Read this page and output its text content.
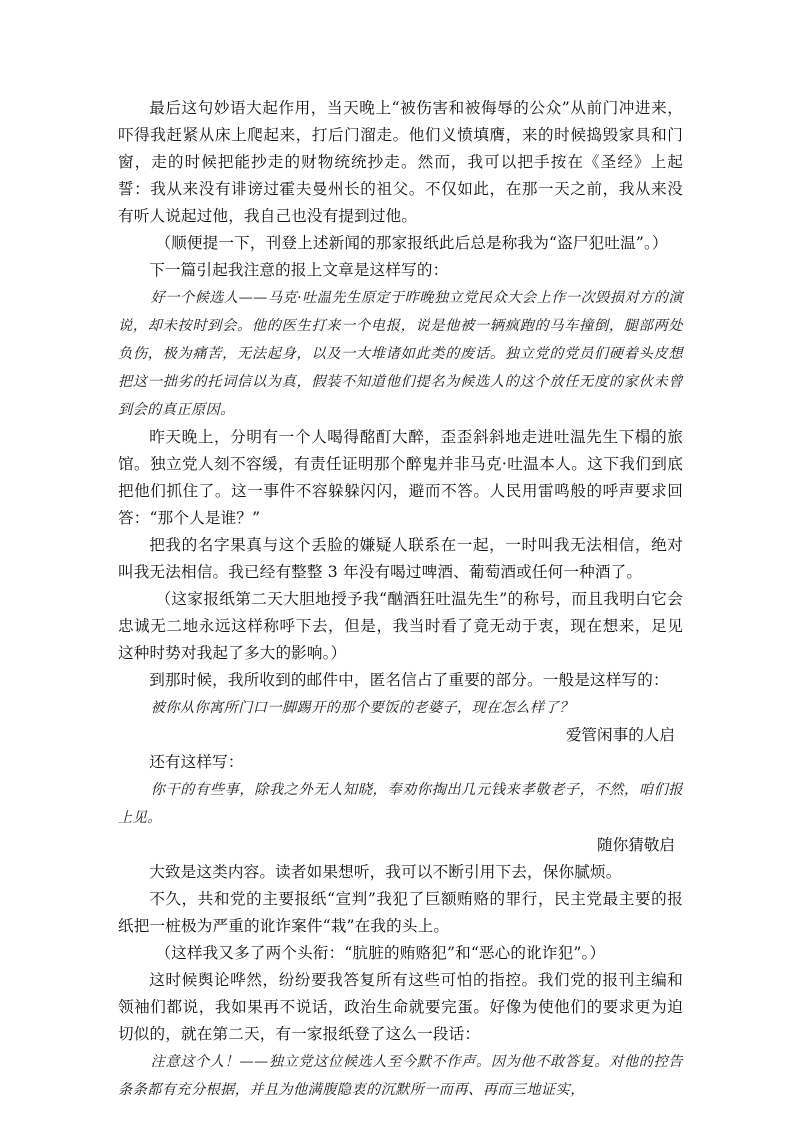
最后这句妙语大起作用，当天晚上“被伤害和被侮辱的公众”从前门冲进来，吓得我赶紧从床上爬起来，打后门溜走。他们义愤填膺，来的时候捣毁家具和门窗，走的时候把能抄走的财物统统抄走。然而，我可以把手按在《圣经》上起誓：我从来没有诽谤过霍夫曼州长的祖父。不仅如此，在那一天之前，我从来没有听人说起过他，我自己也没有提到过他。

（顺便提一下，刊登上述新闻的那家报纸此后总是称我为“盗尸犯吐温”。）

下一篇引起我注意的报上文章是这样写的：

好一个候选人——马克·吐温先生原定于昨晚独立党民众大会上作一次毁损对方的演说，却未按时到会。他的医生打来一个电报，说是他被一辆疯跑的马车撞倒，腿部两处负伤，极为痛苦，无法起身，以及一大堆诸如此类的废话。独立党的党员们硬着头皮想把这一拙劣的托词信以为真，假装不知道他们提名为候选人的这个放任无度的家伙未曾到会的真正原因。

昨天晚上，分明有一个人喝得酩酊大醉，歪歪斜斜地走进吐温先生下榻的旅馆。独立党人刻不容缓，有责任证明那个醉鬼并非马克·吐温本人。这下我们到底把他们抓住了。这一事件不容躲躲闪闪，避而不答。人民用雷鸣般的呼声要求回答：“那个人是谁？”

把我的名字果真与这个丢脸的嫌疑人联系在一起，一时叫我无法相信，绝对叫我无法相信。我已经有整整 3 年没有喝过啤酒、葡萄酒或任何一种酒了。

（这家报纸第二天大胆地授予我“酗酒狂吐温先生”的称号，而且我明白它会忠诚无二地永远这样称呼下去，但是，我当时看了竟无动于衷，现在想来，足见这种时势对我起了多大的影响。）

到那时候，我所收到的邮件中，匿名信占了重要的部分。一般是这样写的：

被你从你寓所门口一脚踢开的那个要饭的老婆子，现在怎么样了？

爱管闲事的人启

还有这样写：

你干的有些事，除我之外无人知晓，奉劝你掏出几元钱来孝敬老子，不然，咱们报上见。

随你猜敬启

大致是这类内容。读者如果想听，我可以不断引用下去，保你腻烦。

不久，共和党的主要报纸“宣判”我犯了巨额贿赂的罪行，民主党最主要的报纸把一桩极为严重的讹诈案件“栽”在我的头上。

（这样我又多了两个头衔：“肮脏的贿赂犯”和“恶心的讹诈犯”。）

这时候舆论哗然，纷纷要我答复所有这些可怕的指控。我们党的报刊主编和领袖们都说，我如果再不说话，政治生命就要完蛋。好像为使他们的要求更为迫切似的，就在第二天，有一家报纸登了这么一段话：

注意这个人！——独立党这位候选人至今默不作声。因为他不敢答复。对他的控告条条都有充分根据，并且为他满腹隐衷的沉默所一而再、再而三地证实，
